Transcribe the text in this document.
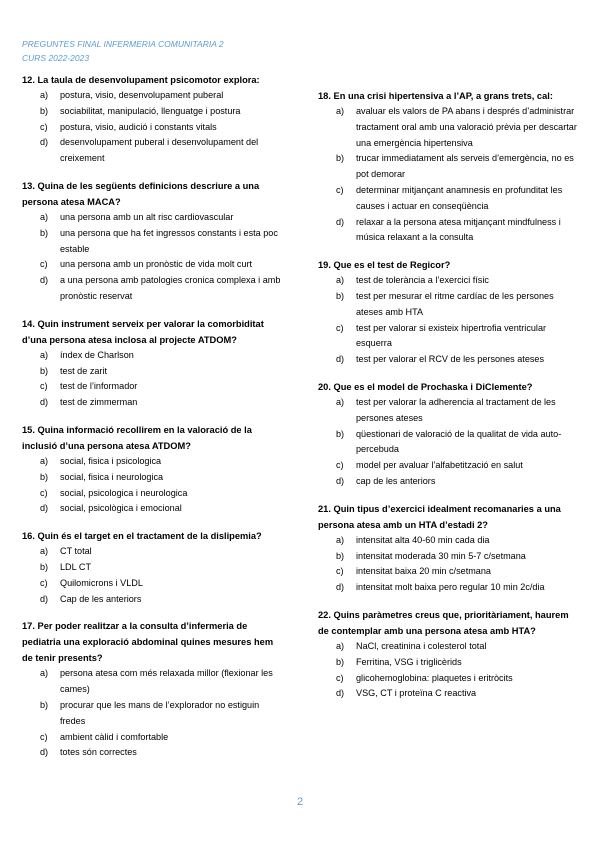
PREGUNTES FINAL INFERMERIA COMUNITARIA 2
CURS 2022-2023
12. La taula de desenvolupament psicomotor explora:
a)	postura, visio, desenvolupament puberal
b)	sociabilitat, manipulació, llenguatge i postura
c)	postura, visio, audició i constants vitals
d)	desenvolupament puberal i desenvolupament del creixement
13. Quina de les següents definicions descriure a una persona atesa MACA?
a)	una persona amb un alt risc cardiovascular
b)	una persona que ha fet ingressos constants i esta poc estable
c)	una persona amb un pronòstic de vida molt curt
d)	a una persona amb patologies cronica complexa i amb pronòstic reservat
14. Quin instrument serveix per valorar la comorbiditat d’una persona atesa inclosa al projecte ATDOM?
a)	índex de Charlson
b)	test de zarit
c)	test de l’informador
d)	test de zimmerman
15. Quina informació recollirem en la valoració de la inclusió d’una persona atesa ATDOM?
a)	social, fisica i psicologica
b)	social, fisica i neurologica
c)	social, psicologica i neurologica
d)	social, psicològica i emocional
16. Quin és el target en el tractament de la dislipemia?
a)	CT total
b)	LDL CT
c)	Quilomicrons i VLDL
d)	Cap de les anteriors
17. Per poder realitzar a la consulta d’infermeria de pediatria una exploració abdominal quines mesures hem de tenir presents?
a)	persona atesa com més relaxada millor (flexionar les cames)
b)	procurar que les mans de l’explorador no estiguin fredes
c)	ambient càlid i comfortable
d)	totes són correctes
18. En una crisi hipertensiva a l’AP, a grans trets, cal:
a)	avaluar els valors de PA abans i després d’administrar tractament oral amb una valoració prèvia per descartar una emergència hipertensiva
b)	trucar immediatament als serveis d’emergència, no es pot demorar
c)	determinar mitjançant anamnesis en profunditat les causes i actuar en conseqüència
d)	relaxar a la persona atesa mitjançant mindfulness i música relaxant a la consulta
19. Que es el test de Regicor?
a)	test de tolerància a l’exercici físic
b)	test per mesurar el ritme cardíac de les persones ateses amb HTA
c)	test per valorar si existeix hipertrofia ventricular esquerra
d)	test per valorar el RCV de les persones ateses
20. Que es el model de Prochaska i DiClemente?
a)	test per valorar la adherencia al tractament de les persones ateses
b)	qüestionari de valoració de la qualitat de vida auto-percebuda
c)	model per avaluar l’alfabetització en salut
d)	cap de les anteriors
21. Quin tipus d’exercici idealment recomanaries a una persona atesa amb un HTA d’estadi 2?
a)	intensitat alta 40-60 min cada dia
b)	intensitat moderada 30 min 5-7 c/setmana
c)	intensitat baixa 20 min c/setmana
d)	intensitat molt baixa pero regular 10 min 2c/dia
22. Quins paràmetres creus que, prioritàriament, haurem de contemplar amb una persona atesa amb HTA?
a)	NaCl, creatinina i colesterol total
b)	Ferritina, VSG i triglicèrids
c)	glicohemoglobina: plaquetes i eritròcits
d)	VSG, CT i proteïna C reactiva
2
